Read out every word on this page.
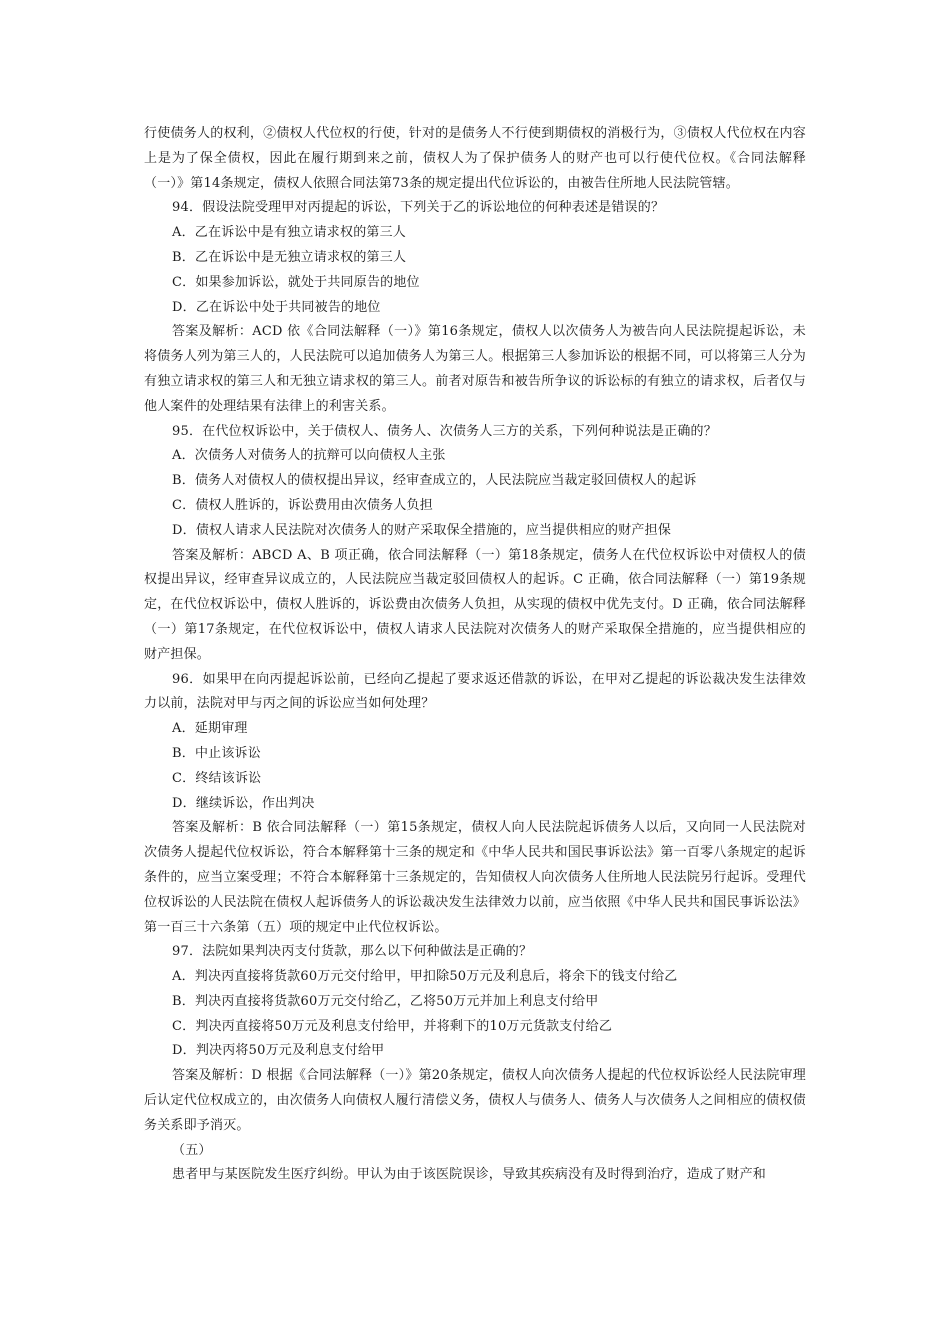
行使债务人的权利，②债权人代位权的行使，针对的是债务人不行使到期债权的消极行为，③债权人代位权在内容上是为了保全债权，因此在履行期到来之前，债权人为了保护债务人的财产也可以行使代位权。《合同法解释（一）》第14条规定，债权人依照合同法第73条的规定提出代位诉讼的，由被告住所地人民法院管辖。

94．假设法院受理甲对丙提起的诉讼，下列关于乙的诉讼地位的何种表述是错误的？

A．乙在诉讼中是有独立请求权的第三人

B．乙在诉讼中是无独立请求权的第三人

C．如果参加诉讼，就处于共同原告的地位

D．乙在诉讼中处于共同被告的地位

答案及解析：ACD 依《合同法解释（一）》第16条规定，债权人以次债务人为被告向人民法院提起诉讼，未将债务人列为第三人的，人民法院可以追加债务人为第三人。根据第三人参加诉讼的根据不同，可以将第三人分为有独立请求权的第三人和无独立请求权的第三人。前者对原告和被告所争议的诉讼标的有独立的请求权，后者仅与他人案件的处理结果有法律上的利害关系。

95．在代位权诉讼中，关于债权人、债务人、次债务人三方的关系，下列何种说法是正确的？

A．次债务人对债务人的抗辩可以向债权人主张

B．债务人对债权人的债权提出异议，经审查成立的，人民法院应当裁定驳回债权人的起诉

C．债权人胜诉的，诉讼费用由次债务人负担

D．债权人请求人民法院对次债务人的财产采取保全措施的，应当提供相应的财产担保

答案及解析：ABCD A、B 项正确，依合同法解释（一）第18条规定，债务人在代位权诉讼中对债权人的债权提出异议，经审查异议成立的，人民法院应当裁定驳回债权人的起诉。C 正确，依合同法解释（一）第19条规定，在代位权诉讼中，债权人胜诉的，诉讼费由次债务人负担，从实现的债权中优先支付。D 正确，依合同法解释（一）第17条规定，在代位权诉讼中，债权人请求人民法院对次债务人的财产采取保全措施的，应当提供相应的财产担保。

96．如果甲在向丙提起诉讼前，已经向乙提起了要求返还借款的诉讼，在甲对乙提起的诉讼裁决发生法律效力以前，法院对甲与丙之间的诉讼应当如何处理？

A．延期审理

B．中止该诉讼

C．终结该诉讼

D．继续诉讼，作出判决

答案及解析：B 依合同法解释（一）第15条规定，债权人向人民法院起诉债务人以后，又向同一人民法院对次债务人提起代位权诉讼，符合本解释第十三条的规定和《中华人民共和国民事诉讼法》第一百零八条规定的起诉条件的，应当立案受理；不符合本解释第十三条规定的，告知债权人向次债务人住所地人民法院另行起诉。受理代位权诉讼的人民法院在债权人起诉债务人的诉讼裁决发生法律效力以前，应当依照《中华人民共和国民事诉讼法》第一百三十六条第（五）项的规定中止代位权诉讼。

97．法院如果判决丙支付货款，那么以下何种做法是正确的？

A．判决丙直接将货款60万元交付给甲，甲扣除50万元及利息后，将余下的钱支付给乙

B．判决丙直接将货款60万元交付给乙，乙将50万元并加上利息支付给甲

C．判决丙直接将50万元及利息支付给甲，并将剩下的10万元货款支付给乙

D．判决丙将50万元及利息支付给甲

答案及解析：D 根据《合同法解释（一）》第20条规定，债权人向次债务人提起的代位权诉讼经人民法院审理后认定代位权成立的，由次债务人向债权人履行清偿义务，债权人与债务人、债务人与次债务人之间相应的债权债务关系即予消灭。

（五）

患者甲与某医院发生医疗纠纷。甲认为由于该医院误诊，导致其疾病没有及时得到治疗，造成了财产和
